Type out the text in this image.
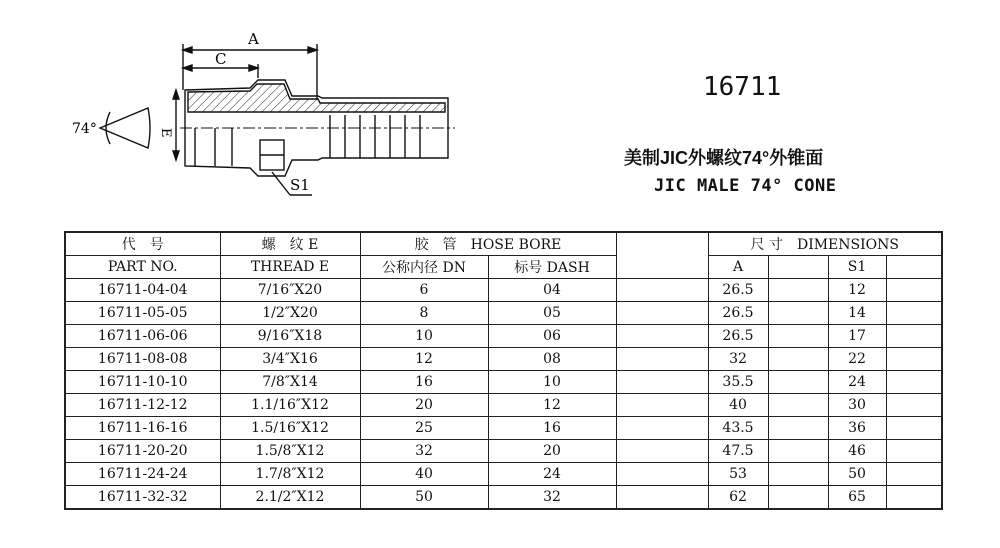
A
C
74°	E
S1
16711
美制JIC外螺纹74°外锥面
JIC MALE 74° CONE
代　号	螺　纹 E	胶　管　HOSE BORE			尺 寸　DIMENSIONS			
PART NO.	THREAD E	公称内径 DN	标号 DASH		A		S1	
16711-04-04	7/16″X20	6	04		26.5		12	
16711-05-05	1/2″X20	8	05		26.5		14	
16711-06-06	9/16″X18	10	06		26.5		17	
16711-08-08	3/4″X16	12	08		32		22	
16711-10-10	7/8″X14	16	10		35.5		24	
16711-12-12	1.1/16″X12	20	12		40		30	
16711-16-16	1.5/16″X12	25	16		43.5		36	
16711-20-20	1.5/8″X12	32	20		47.5		46	
16711-24-24	1.7/8″X12	40	24		53		50	
16711-32-32	2.1/2″X12	50	32		62		65	
